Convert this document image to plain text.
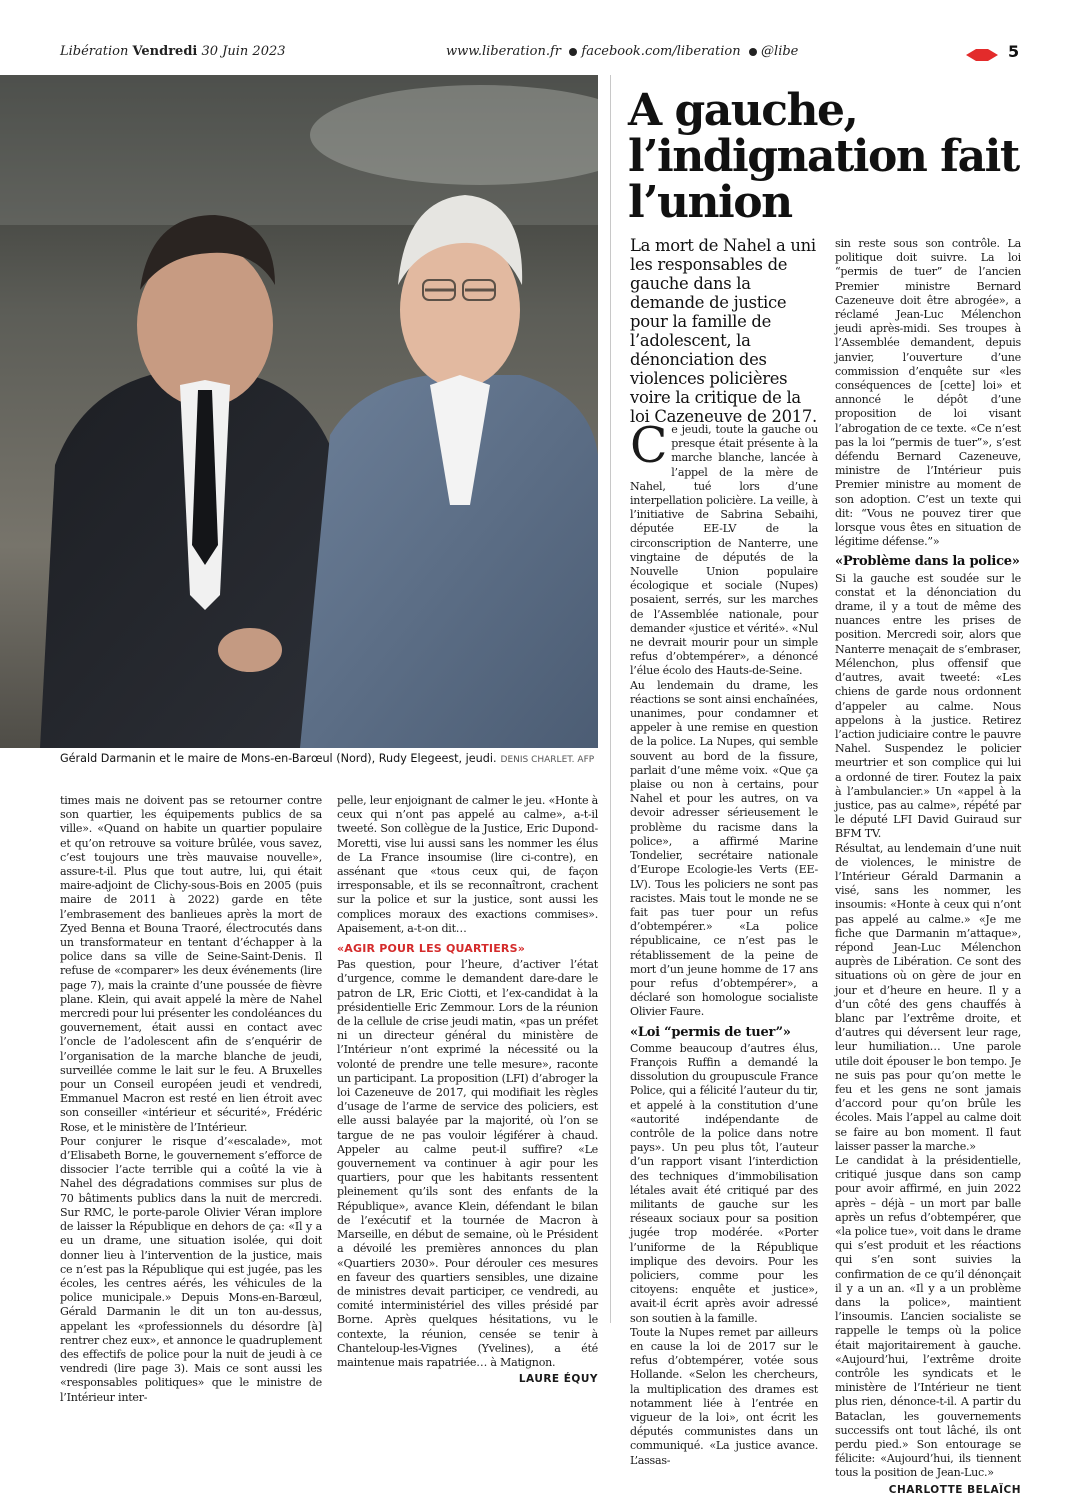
Libération Vendredi 30 Juin 2023	www.liberation.fr facebook.com/liberation @libe	5
Gérald Darmanin et le maire de Mons-en-Barœul (Nord), Rudy Elegeest, jeudi. DENIS CHARLET. AFP
A gauche, l’indignation fait l’union
La mort de Nahel a uni les responsables de gauche dans la demande de justice pour la famille de l’adolescent, la dénonciation des violences policières voire la critique de la loi Cazeneuve de 2017.

times mais ne doivent pas se retourner contre son quartier, les équipements publics de sa ville». «Quand on habite un quartier populaire et qu’on retrouve sa voiture brûlée, vous savez, c’est toujours une très mauvaise nouvelle», assure-t-il. Plus que tout autre, lui, qui était maire-adjoint de Clichy-sous-Bois en 2005 (puis maire de 2011 à 2022) garde en tête l’embrasement des banlieues après la mort de Zyed Benna et Bouna Traoré, électrocutés dans un transformateur en tentant d’échapper à la police dans sa ville de Seine-Saint-Denis. Il refuse de «comparer» les deux événements (lire page 7), mais la crainte d’une poussée de fièvre plane. Klein, qui avait appelé la mère de Nahel mercredi pour lui présenter les condoléances du gouvernement, était aussi en contact avec l’oncle de l’adolescent afin de s’enquérir de l’organisation de la marche blanche de jeudi, surveillée comme le lait sur le feu. A Bruxelles pour un Conseil européen jeudi et vendredi, Emmanuel Macron est resté en lien étroit avec son conseiller «intérieur et sécurité», Frédéric Rose, et le ministère de l’Intérieur.

Pour conjurer le risque d’«escalade», mot d’Elisabeth Borne, le gouvernement s’efforce de dissocier l’acte terrible qui a coûté la vie à Nahel des dégradations commises sur plus de 70 bâtiments publics dans la nuit de mercredi. Sur RMC, le porte-parole Olivier Véran implore de laisser la République en dehors de ça: «Il y a eu un drame, une situation isolée, qui doit donner lieu à l’intervention de la justice, mais ce n’est pas la République qui est jugée, pas les écoles, les centres aérés, les véhicules de la police municipale.» Depuis Mons-en-Barœul, Gérald Darmanin le dit un ton au-dessus, appelant les «professionnels du désordre [à] rentrer chez eux», et annonce le quadruplement des effectifs de police pour la nuit de jeudi à ce vendredi (lire page 3). Mais ce sont aussi les «responsables politiques» que le ministre de l’Intérieur inter-

pelle, leur enjoignant de calmer le jeu. «Honte à ceux qui n’ont pas appelé au calme», a-t-il tweeté. Son collègue de la Justice, Eric Dupond-Moretti, vise lui aussi sans les nommer les élus de La France insoumise (lire ci-contre), en assénant que «tous ceux qui, de façon irresponsable, et ils se reconnaîtront, crachent sur la police et sur la justice, sont aussi les complices moraux des exactions commises». Apaisement, a-t-on dit…

«AGIR POUR LES QUARTIERS»

Pas question, pour l’heure, d’activer l’état d’urgence, comme le demandent dare-dare le patron de LR, Eric Ciotti, et l’ex-candidat à la présidentielle Eric Zemmour. Lors de la réunion de la cellule de crise jeudi matin, «pas un préfet ni un directeur général du ministère de l’Intérieur n’ont exprimé la nécessité ou la volonté de prendre une telle mesure», raconte un participant. La proposition (LFI) d’abroger la loi Cazeneuve de 2017, qui modifiait les règles d’usage de l’arme de service des policiers, est elle aussi balayée par la majorité, où l’on se targue de ne pas vouloir légiférer à chaud. Appeler au calme peut-il suffire? «Le gouvernement va continuer à agir pour les quartiers, pour que les habitants ressentent pleinement qu’ils sont des enfants de la République», avance Klein, défendant le bilan de l’exécutif et la tournée de Macron à Marseille, en début de semaine, où le Président a dévoilé les premières annonces du plan «Quartiers 2030». Pour dérouler ces mesures en faveur des quartiers sensibles, une dizaine de ministres devait participer, ce vendredi, au comité interministériel des villes présidé par Borne. Après quelques hésitations, vu le contexte, la réunion, censée se tenir à Chanteloup-les-Vignes (Yvelines), a été maintenue mais rapatriée… à Matignon.

LAURE ÉQUY

Ce jeudi, toute la gauche ou presque était présente à la marche blanche, lancée à l’appel de la mère de Nahel, tué lors d’une interpellation policière. La veille, à l’initiative de Sabrina Sebaihi, députée EE-LV de la circonscription de Nanterre, une vingtaine de députés de la Nouvelle Union populaire écologique et sociale (Nupes) posaient, serrés, sur les marches de l’Assemblée nationale, pour demander «justice et vérité». «Nul ne devrait mourir pour un simple refus d’obtempérer», a dénoncé l’élue écolo des Hauts-de-Seine.

Au lendemain du drame, les réactions se sont ainsi enchaînées, unanimes, pour condamner et appeler à une remise en question de la police. La Nupes, qui semble souvent au bord de la fissure, parlait d’une même voix. «Que ça plaise ou non à certains, pour Nahel et pour les autres, on va devoir adresser sérieusement le problème du racisme dans la police», a affirmé Marine Tondelier, secrétaire nationale d’Europe Ecologie-les Verts (EE-LV). Tous les policiers ne sont pas racistes. Mais tout le monde ne se fait pas tuer pour un refus d’obtempérer.» «La police républicaine, ce n’est pas le rétablissement de la peine de mort d’un jeune homme de 17 ans pour refus d’obtempérer», a déclaré son homologue socialiste Olivier Faure.

«Loi “permis de tuer”»

Comme beaucoup d’autres élus, François Ruffin a demandé la dissolution du groupuscule France Police, qui a félicité l’auteur du tir, et appelé à la constitution d’une «autorité indépendante de contrôle de la police dans notre pays». Un peu plus tôt, l’auteur d’un rapport visant l’interdiction des techniques d’immobilisation létales avait été critiqué par des militants de gauche sur les réseaux sociaux pour sa position jugée trop modérée. «Porter l’uniforme de la République implique des devoirs. Pour les policiers, comme pour les citoyens: enquête et justice», avait-il écrit après avoir adressé son soutien à la famille.

Toute la Nupes remet par ailleurs en cause la loi de 2017 sur le refus d’obtempérer, votée sous Hollande. «Selon les chercheurs, la multiplication des drames est notamment liée à l’entrée en vigueur de la loi», ont écrit les députés communistes dans un communiqué. «La justice avance. L’assas-

sin reste sous son contrôle. La politique doit suivre. La loi “permis de tuer” de l’ancien Premier ministre Bernard Cazeneuve doit être abrogée», a réclamé Jean-Luc Mélenchon jeudi après-midi. Ses troupes à l’Assemblée demandent, depuis janvier, l’ouverture d’une commission d’enquête sur «les conséquences de [cette] loi» et annoncé le dépôt d’une proposition de loi visant l’abrogation de ce texte. «Ce n’est pas la loi “permis de tuer”», s’est défendu Bernard Cazeneuve, ministre de l’Intérieur puis Premier ministre au moment de son adoption. C’est un texte qui dit: “Vous ne pouvez tirer que lorsque vous êtes en situation de légitime défense.”»

«Problème dans la police»

Si la gauche est soudée sur le constat et la dénonciation du drame, il y a tout de même des nuances entre les prises de position. Mercredi soir, alors que Nanterre menaçait de s’embraser, Mélenchon, plus offensif que d’autres, avait tweeté: «Les chiens de garde nous ordonnent d’appeler au calme. Nous appelons à la justice. Retirez l’action judiciaire contre le pauvre Nahel. Suspendez le policier meurtrier et son complice qui lui a ordonné de tirer. Foutez la paix à l’ambulancier.» Un «appel à la justice, pas au calme», répété par le député LFI David Guiraud sur BFM TV.

Résultat, au lendemain d’une nuit de violences, le ministre de l’Intérieur Gérald Darmanin a visé, sans les nommer, les insoumis: «Honte à ceux qui n’ont pas appelé au calme.» «Je me fiche que Darmanin m’attaque», répond Jean-Luc Mélenchon auprès de Libération. Ce sont des situations où on gère de jour en jour et d’heure en heure. Il y a d’un côté des gens chauffés à blanc par l’extrême droite, et d’autres qui déversent leur rage, leur humiliation… Une parole utile doit épouser le bon tempo. Je ne suis pas pour qu’on mette le feu et les gens ne sont jamais d’accord pour qu’on brûle les écoles. Mais l’appel au calme doit se faire au bon moment. Il faut laisser passer la marche.»

Le candidat à la présidentielle, critiqué jusque dans son camp pour avoir affirmé, en juin 2022 après – déjà – un mort par balle après un refus d’obtempérer, que «la police tue», voit dans le drame qui s’est produit et les réactions qui s’en sont suivies la confirmation de ce qu’il dénonçait il y a un an. «Il y a un problème dans la police», maintient l’insoumis. L’ancien socialiste se rappelle le temps où la police était majoritairement à gauche. «Aujourd’hui, l’extrême droite contrôle les syndicats et le ministère de l’Intérieur ne tient plus rien, dénonce-t-il. A partir du Bataclan, les gouvernements successifs ont tout lâché, ils ont perdu pied.» Son entourage se félicite: «Aujourd’hui, ils tiennent tous la position de Jean-Luc.»

CHARLOTTE BELAÏCH
